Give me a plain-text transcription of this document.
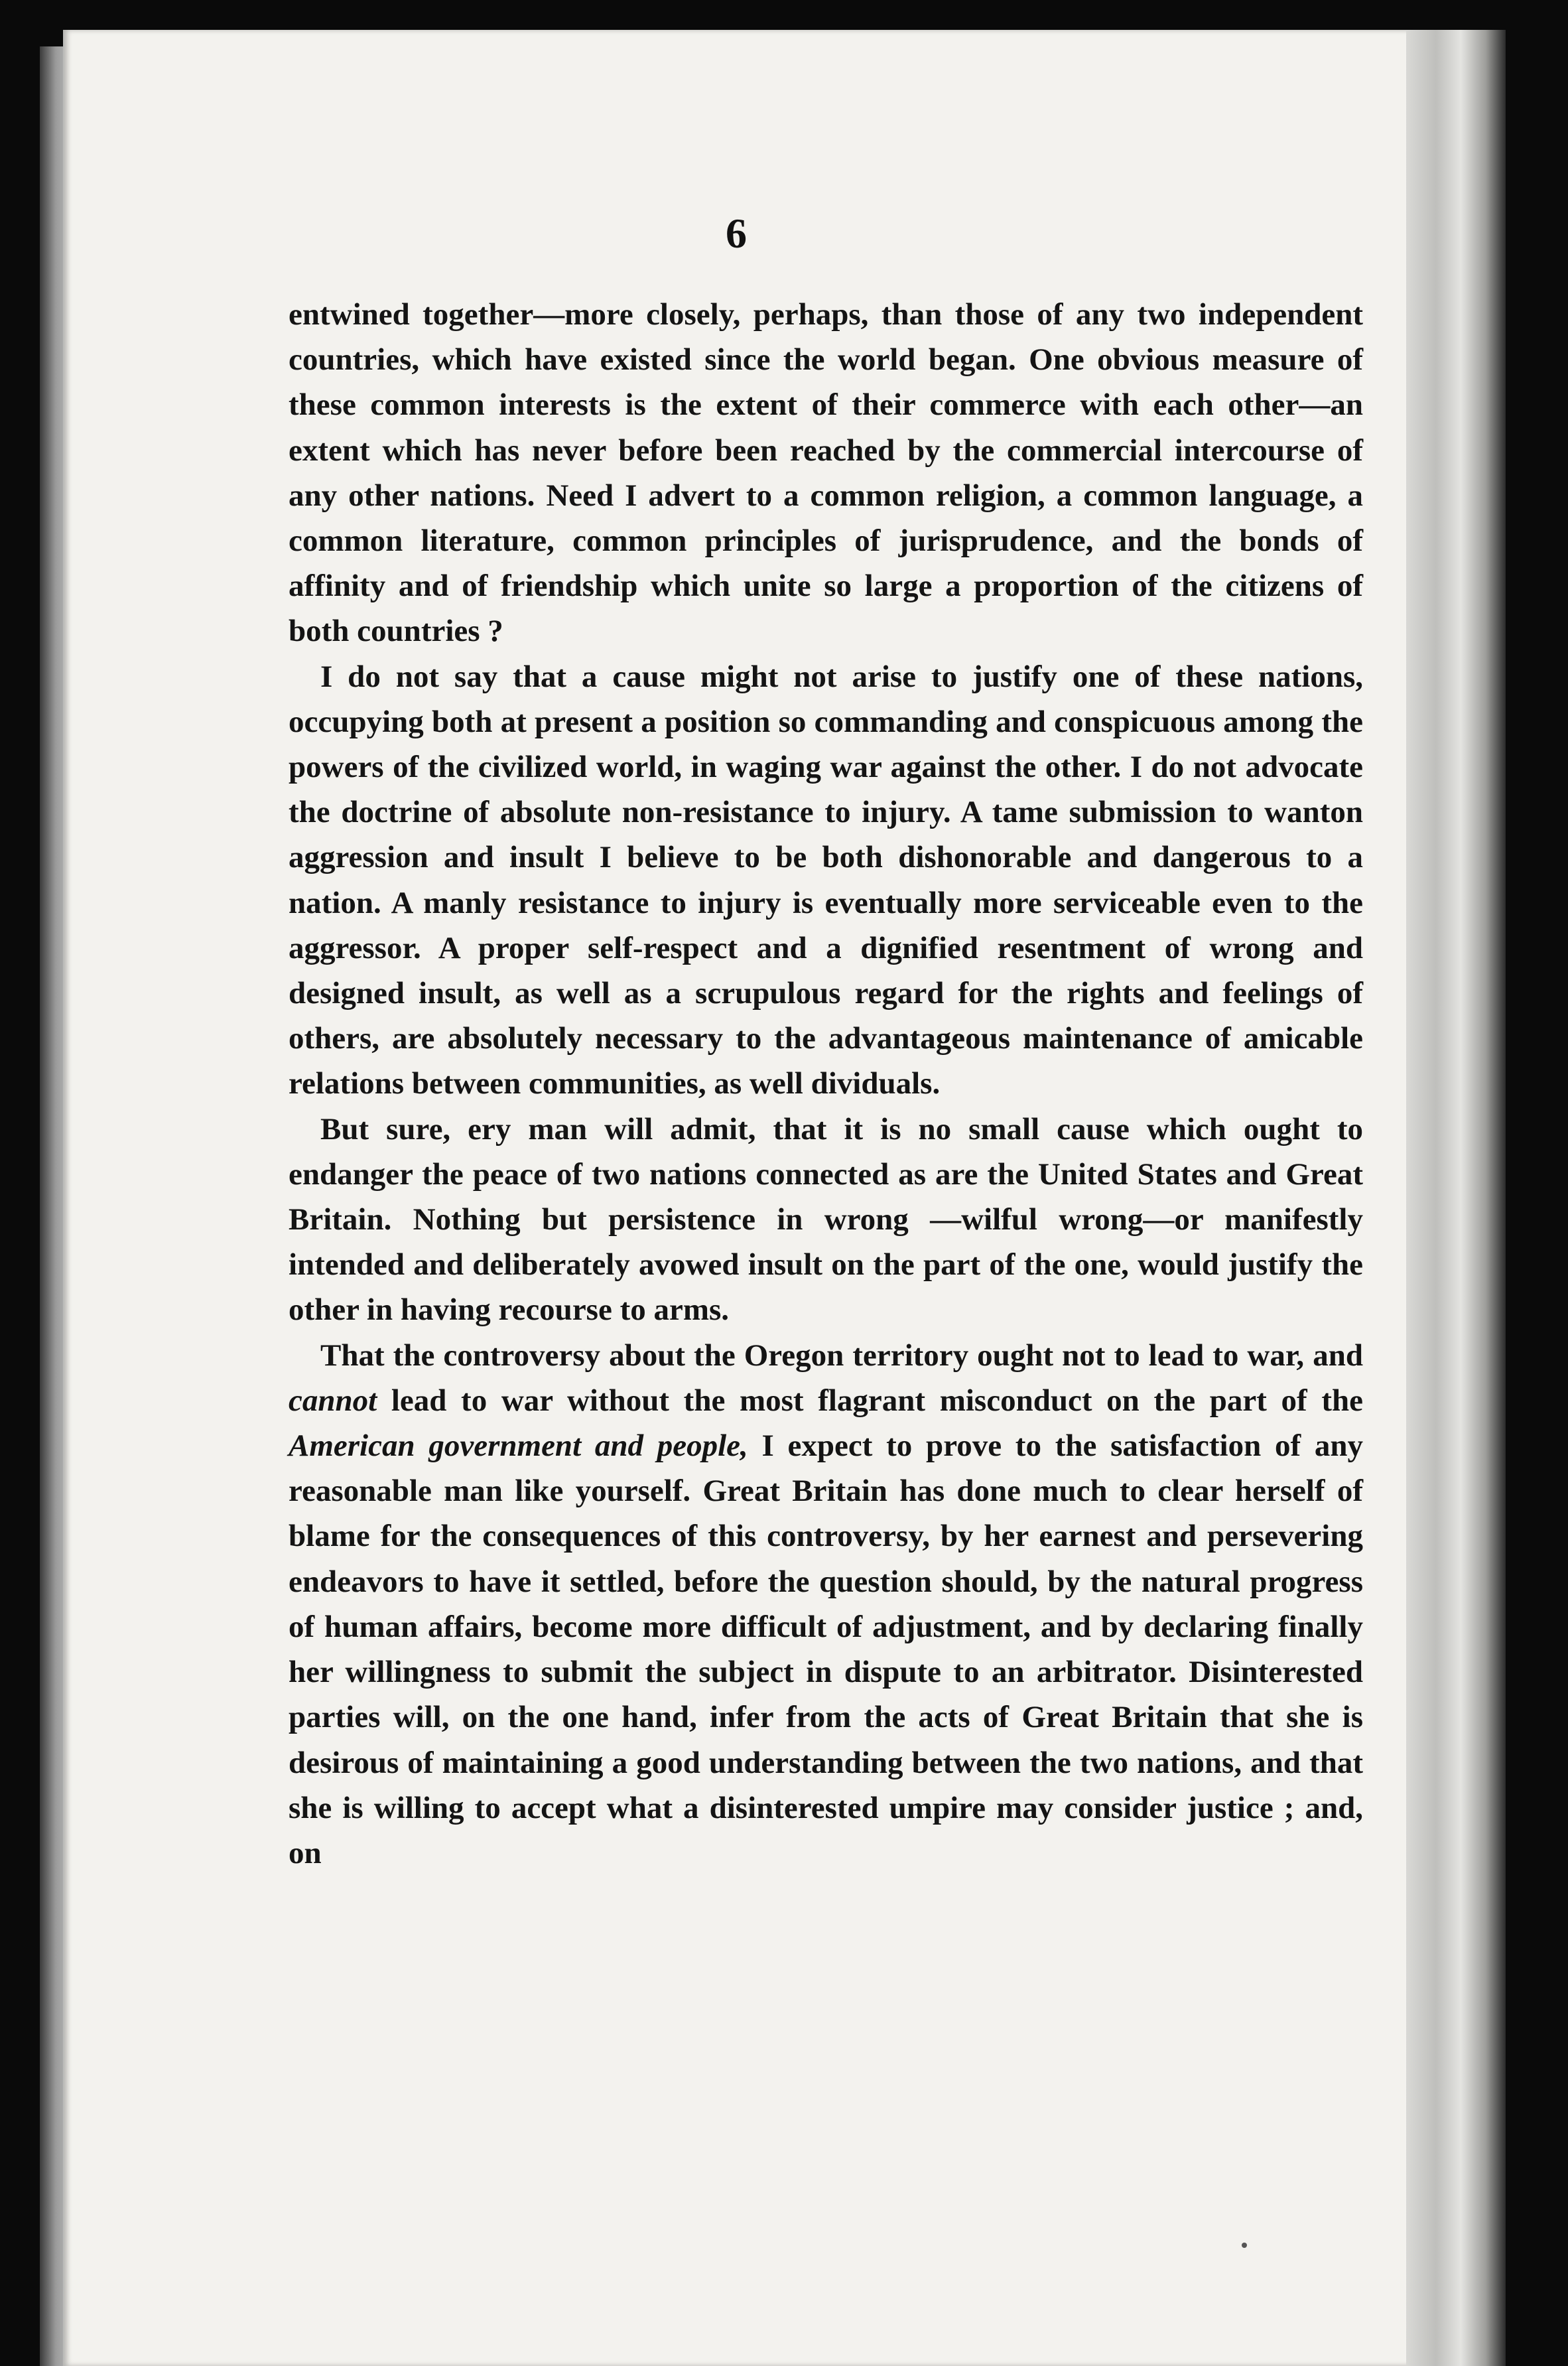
6

entwined together—more closely, perhaps, than those of any two independent countries, which have existed since the world began. One obvious measure of these common interests is the extent of their commerce with each other—an extent which has never before been reached by the commercial intercourse of any other nations. Need I advert to a common religion, a common language, a common literature, common principles of jurisprudence, and the bonds of affinity and of friendship which unite so large a proportion of the citizens of both countries ?

I do not say that a cause might not arise to justify one of these nations, occupying both at present a position so commanding and conspicuous among the powers of the civilized world, in waging war against the other. I do not advocate the doctrine of absolute non-resistance to injury. A tame submission to wanton aggression and insult I believe to be both dishonorable and dangerous to a nation. A manly resistance to injury is eventually more serviceable even to the aggressor. A proper self-respect and a dignified resentment of wrong and designed insult, as well as a scrupulous regard for the rights and feelings of others, are absolutely necessary to the advantageous maintenance of amicable relations between communities, as well dividuals.

But sure, ery man will admit, that it is no small cause which ought to endanger the peace of two nations connected as are the United States and Great Britain. Nothing but persistence in wrong —wilful wrong—or manifestly intended and deliberately avowed insult on the part of the one, would justify the other in having recourse to arms.

That the controversy about the Oregon territory ought not to lead to war, and cannot lead to war without the most flagrant misconduct on the part of the American government and people, I expect to prove to the satisfaction of any reasonable man like yourself. Great Britain has done much to clear herself of blame for the consequences of this controversy, by her earnest and persevering endeavors to have it settled, before the question should, by the natural progress of human affairs, become more difficult of adjustment, and by declaring finally her willingness to submit the subject in dispute to an arbitrator. Disinterested parties will, on the one hand, infer from the acts of Great Britain that she is desirous of maintaining a good understanding between the two nations, and that she is willing to accept what a disinterested umpire may consider justice ; and, on
